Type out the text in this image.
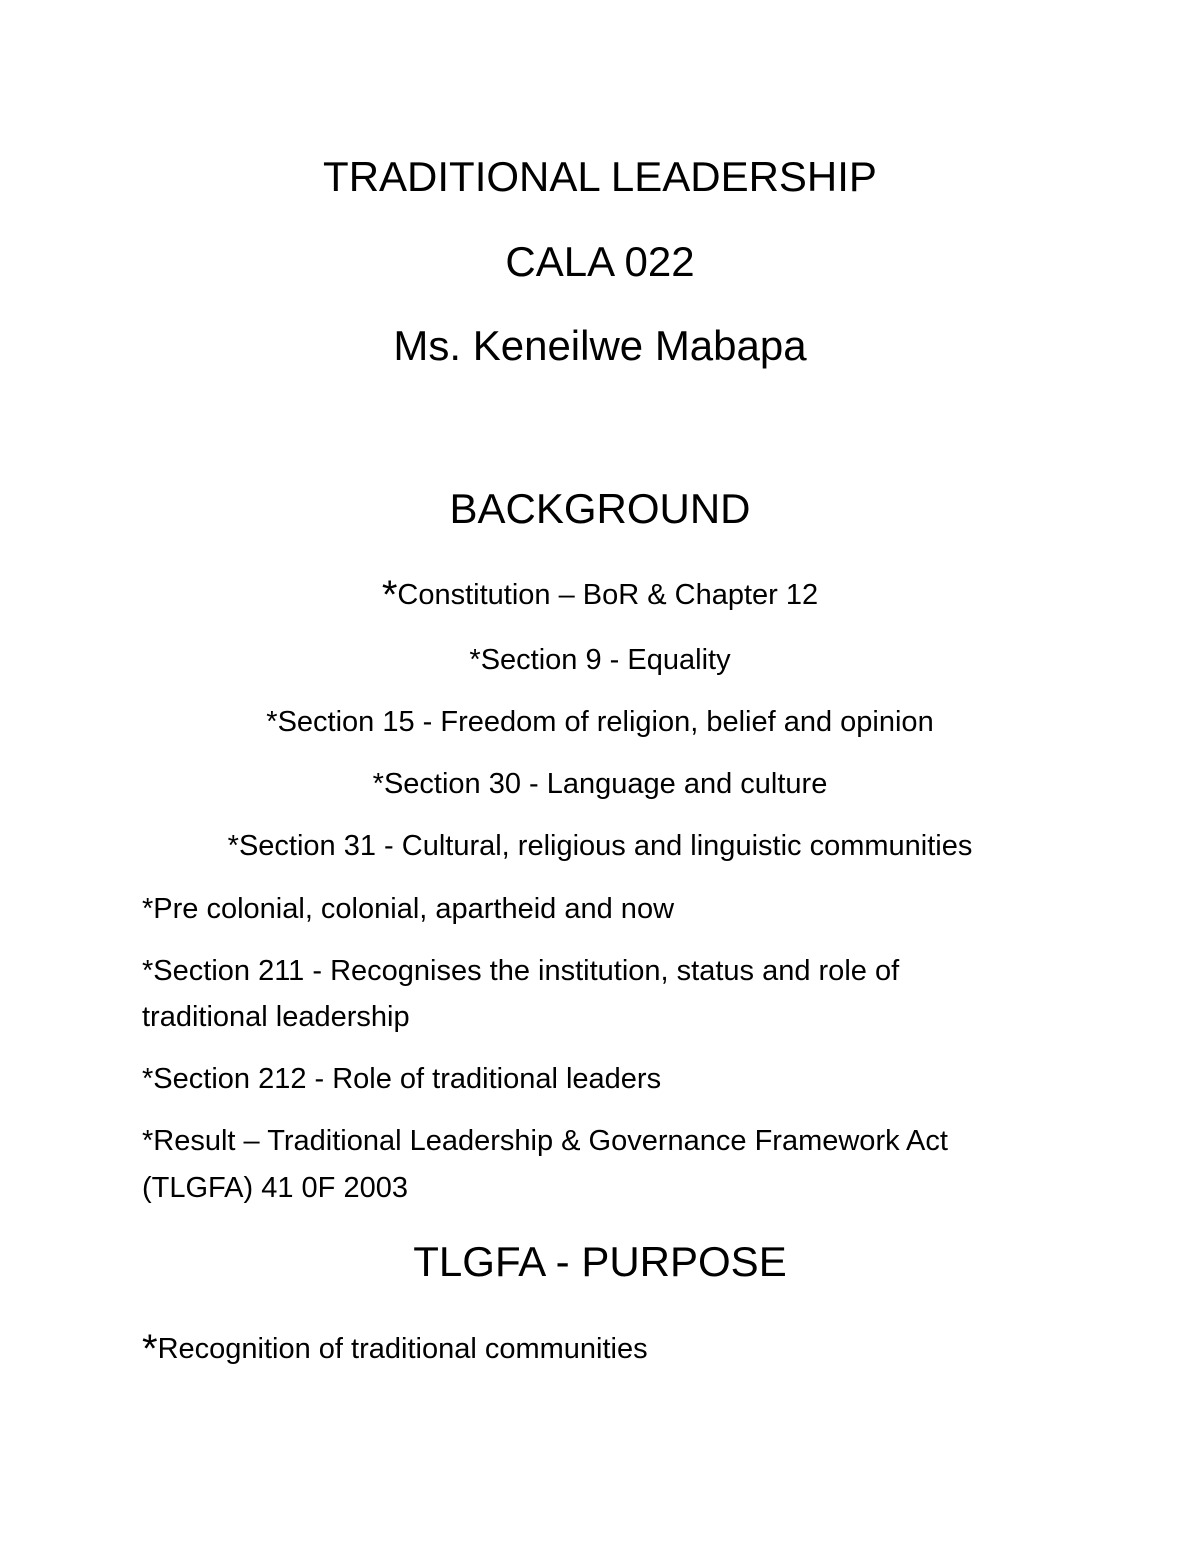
TRADITIONAL LEADERSHIP
CALA 022
Ms. Keneilwe Mabapa
BACKGROUND
*Constitution – BoR & Chapter 12
*Section 9 - Equality
*Section 15 - Freedom of religion, belief and opinion
*Section 30 - Language and culture
*Section 31 - Cultural, religious and linguistic communities
*Pre colonial, colonial, apartheid and now
*Section 211 - Recognises the institution, status and role of
traditional leadership
*Section 212 - Role of traditional leaders
*Result – Traditional Leadership & Governance Framework Act
(TLGFA) 41 0F 2003
TLGFA - PURPOSE
*Recognition of traditional communities
